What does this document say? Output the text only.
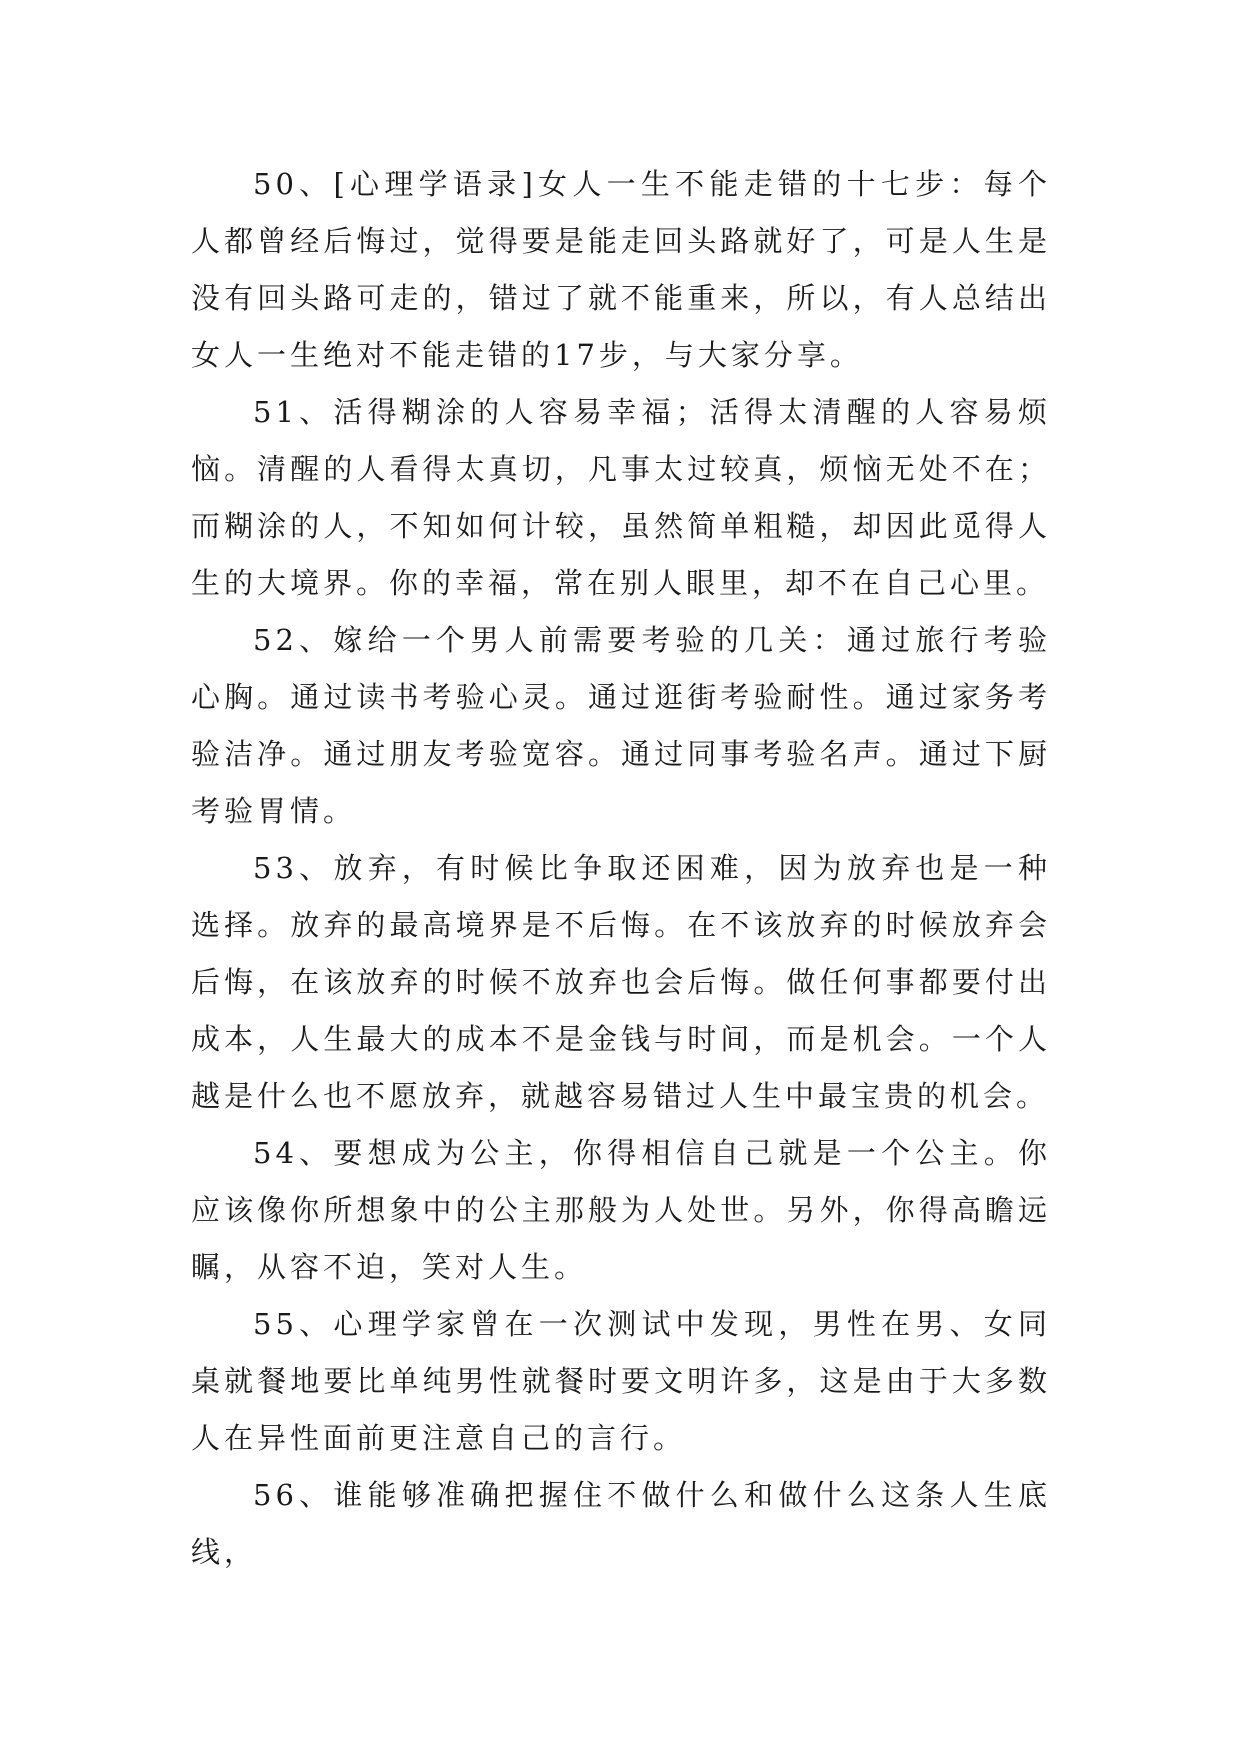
50、[心理学语录]女人一生不能走错的十七步：每个人都曾经后悔过，觉得要是能走回头路就好了，可是人生是没有回头路可走的，错过了就不能重来，所以，有人总结出女人一生绝对不能走错的17步，与大家分享。

51、活得糊涂的人容易幸福；活得太清醒的人容易烦恼。清醒的人看得太真切，凡事太过较真，烦恼无处不在；而糊涂的人，不知如何计较，虽然简单粗糙，却因此觅得人生的大境界。你的幸福，常在别人眼里，却不在自己心里。

52、嫁给一个男人前需要考验的几关：通过旅行考验心胸。通过读书考验心灵。通过逛街考验耐性。通过家务考验洁净。通过朋友考验宽容。通过同事考验名声。通过下厨考验胃情。

53、放弃，有时候比争取还困难，因为放弃也是一种选择。放弃的最高境界是不后悔。在不该放弃的时候放弃会后悔，在该放弃的时候不放弃也会后悔。做任何事都要付出成本，人生最大的成本不是金钱与时间，而是机会。一个人越是什么也不愿放弃，就越容易错过人生中最宝贵的机会。

54、要想成为公主，你得相信自己就是一个公主。你应该像你所想象中的公主那般为人处世。另外，你得高瞻远瞩，从容不迫，笑对人生。

55、心理学家曾在一次测试中发现，男性在男、女同桌就餐地要比单纯男性就餐时要文明许多，这是由于大多数人在异性面前更注意自己的言行。

56、谁能够准确把握住不做什么和做什么这条人生底线，
